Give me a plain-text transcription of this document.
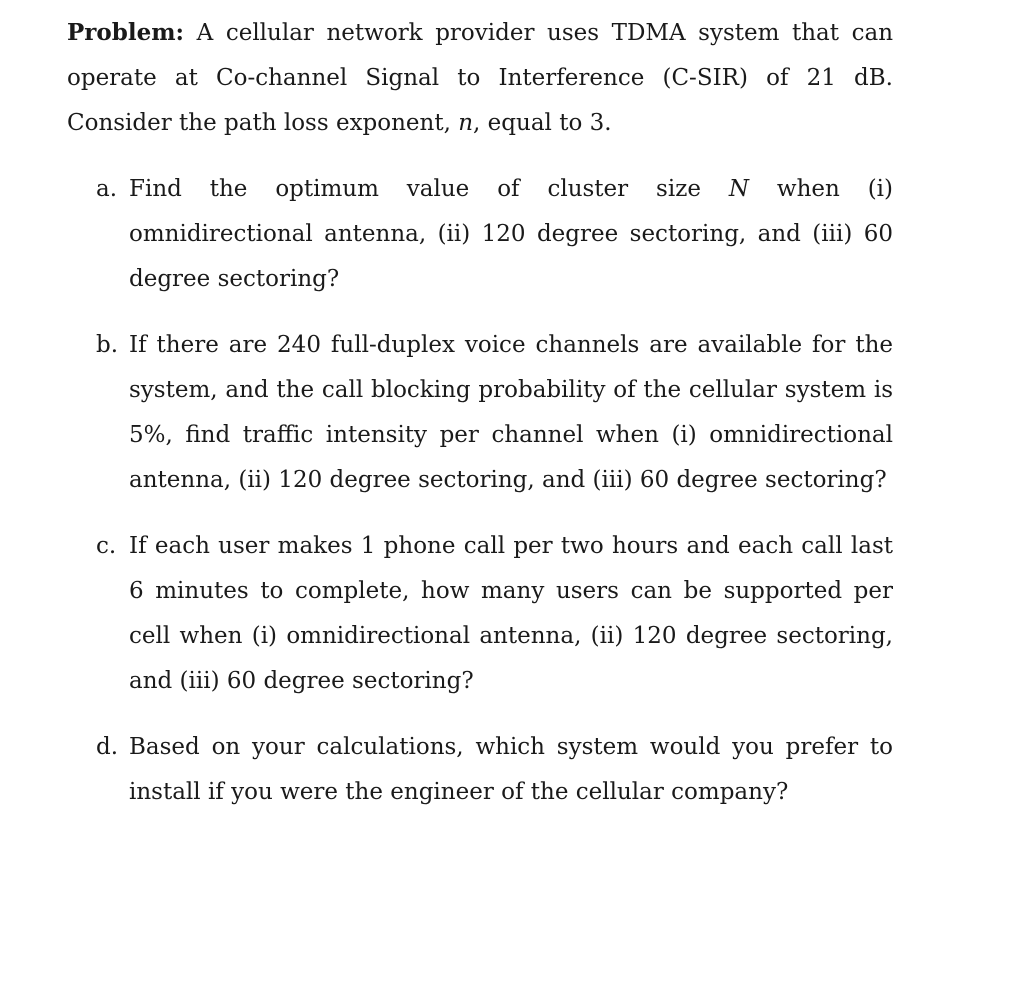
Problem: A cellular network provider uses TDMA system that can operate at Co-channel Signal to Interference (C-SIR) of 21 dB. Consider the path loss exponent, n, equal to 3.

a. Find the optimum value of cluster size N when (i) omnidirectional antenna, (ii) 120 degree sectoring, and (iii) 60 degree sectoring?
b. If there are 240 full-duplex voice channels are available for the system, and the call blocking probability of the cellular system is 5%, find traffic intensity per channel when (i) omnidirectional antenna, (ii) 120 degree sectoring, and (iii) 60 degree sectoring?
c. If each user makes 1 phone call per two hours and each call last 6 minutes to complete, how many users can be supported per cell when (i) omnidirectional antenna, (ii) 120 degree sectoring, and (iii) 60 degree sectoring?
d. Based on your calculations, which system would you prefer to install if you were the engineer of the cellular company?
